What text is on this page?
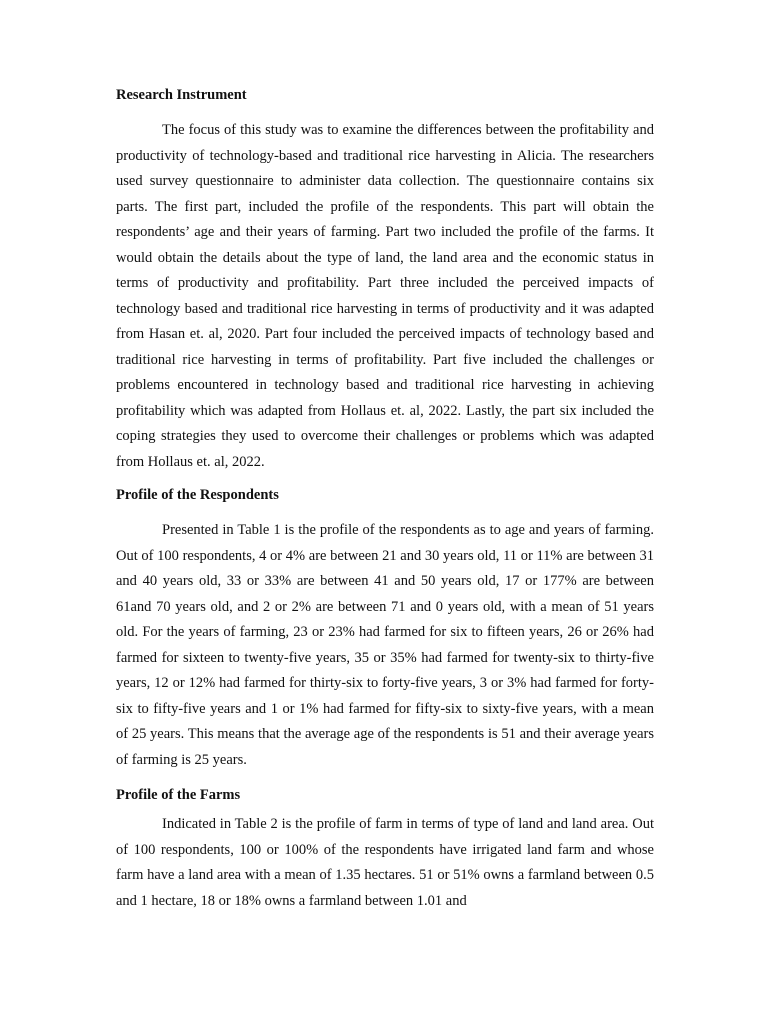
Research Instrument

The focus of this study was to examine the differences between the profitability and productivity of technology-based and traditional rice harvesting in Alicia. The researchers used survey questionnaire to administer data collection. The questionnaire contains six parts. The first part, included the profile of the respondents. This part will obtain the respondents’ age and their years of farming. Part two included the profile of the farms. It would obtain the details about the type of land, the land area and the economic status in terms of productivity and profitability. Part three included the perceived impacts of technology based and traditional rice harvesting in terms of productivity and it was adapted from Hasan et. al, 2020. Part four included the perceived impacts of technology based and traditional rice harvesting in terms of profitability. Part five included the challenges or problems encountered in technology based and traditional rice harvesting in achieving profitability which was adapted from Hollaus et. al, 2022. Lastly, the part six included the coping strategies they used to overcome their challenges or problems which was adapted from Hollaus et. al, 2022.

Profile of the Respondents

Presented in Table 1 is the profile of the respondents as to age and years of farming. Out of 100 respondents, 4 or 4% are between 21 and 30 years old, 11 or 11% are between 31 and 40 years old, 33 or 33% are between 41 and 50 years old, 17 or 177% are between 61and 70 years old, and 2 or 2% are between 71 and 0 years old, with a mean of 51 years old. For the years of farming, 23 or 23% had farmed for six to fifteen years, 26 or 26% had farmed for sixteen to twenty-five years, 35 or 35% had farmed for twenty-six to thirty-five years, 12 or 12% had farmed for thirty-six to forty-five years, 3 or 3% had farmed for forty-six to fifty-five years and 1 or 1% had farmed for fifty-six to sixty-five years, with a mean of 25 years. This means that the average age of the respondents is 51 and their average years of farming is 25 years.

Profile of the Farms

Indicated in Table 2 is the profile of farm in terms of type of land and land area. Out of 100 respondents, 100 or 100% of the respondents have irrigated land farm and whose farm have a land area with a mean of 1.35 hectares. 51 or 51% owns a farmland between 0.5 and 1 hectare, 18 or 18% owns a farmland between 1.01 and
